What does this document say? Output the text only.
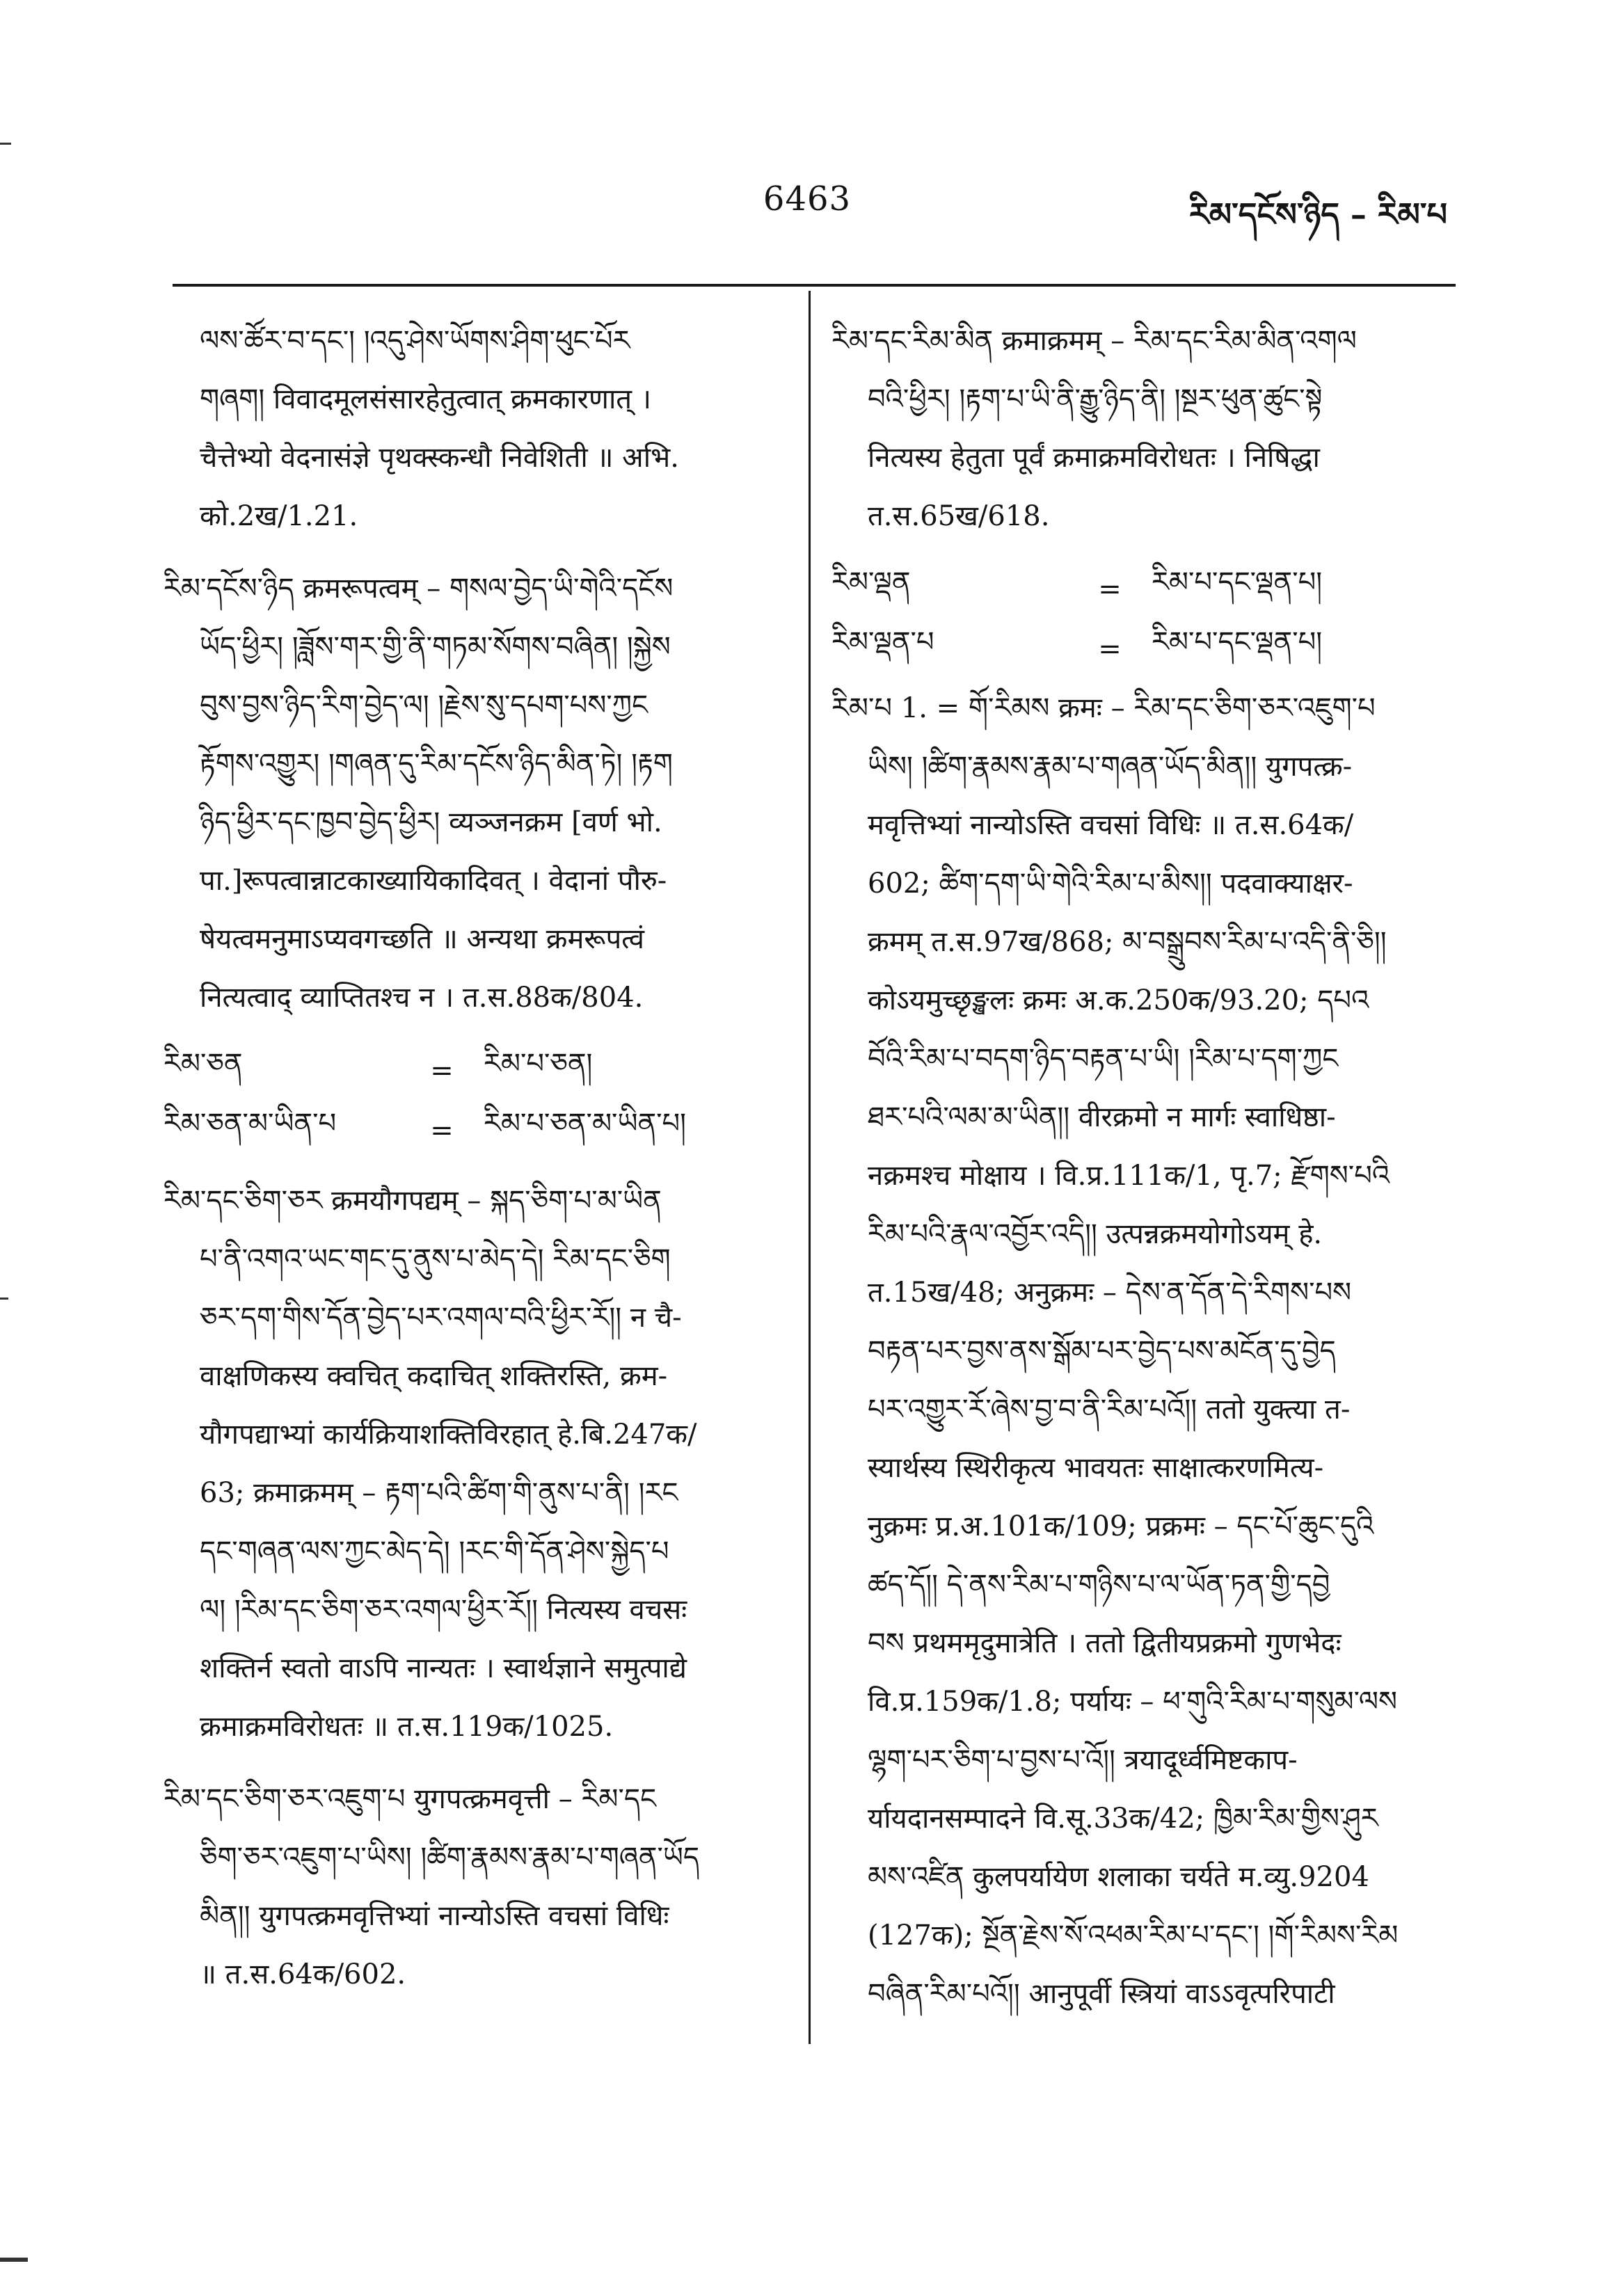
6463	རིམ་དངོས་ཉིད – རིམ་པ
ལས་ཚོར་བ་དང་། །འདུ་ཤེས་ཡོགས་ཤིག་ཕུང་པོར
གཞག། विवादमूलसंसारहेतुत्वात् क्रमकारणात् ।
चैत्तेभ्यो वेदनासंज्ञे पृथक्स्कन्धौ निवेशिती ॥ अभि.
को.2ख/1.21.
རིམ་དངོས་ཉིད क्रमरूपत्वम् – གསལ་བྱེད་ཡི་གེའི་དངོས
ཡོད་ཕྱིར། །ཟློས་གར་གྱི་ནི་གཏམ་སོགས་བཞིན། །སྐྱེས
བུས་བྱས་ཉིད་རིག་བྱེད་ལ། །རྗེས་སུ་དཔག་པས་ཀྱང
རྟོགས་འགྱུར། །གཞན་དུ་རིམ་དངོས་ཉིད་མིན་ཏེ། །རྟག
ཉིད་ཕྱིར་དང་ཁྱབ་བྱེད་ཕྱིར། व्यञ्जनक्रम [वर्ण भो.
पा.]रूपत्वान्नाटकाख्यायिकादिवत् । वेदानां पौरु-
षेयत्वमनुमाऽप्यवगच्छति ॥ अन्यथा क्रमरूपत्वं
नित्यत्वाद् व्याप्तितश्च न । त.स.88क/804.
རིམ་ཅན	=	རིམ་པ་ཅན།
རིམ་ཅན་མ་ཡིན་པ	=	རིམ་པ་ཅན་མ་ཡིན་པ།
རིམ་དང་ཅིག་ཅར क्रमयौगपद्यम् – སྐད་ཅིག་པ་མ་ཡིན
པ་ནི་འགའ་ཡང་གང་དུ་ནུས་པ་མེད་དེ། རིམ་དང་ཅིག
ཅར་དག་གིས་དོན་བྱེད་པར་འགལ་བའི་ཕྱིར་རོ།། न चै-
वाक्षणिकस्य क्वचित् कदाचित् शक्तिरस्ति, क्रम-
यौगपद्याभ्यां कार्यक्रियाशक्तिविरहात् हे.बि.247क/
63; क्रमाक्रमम् – རྟག་པའི་ཚིག་གི་ནུས་པ་ནི། །རང
དང་གཞན་ལས་ཀྱང་མེད་དེ། །རང་གི་དོན་ཤེས་སྐྱེད་པ
ལ། །རིམ་དང་ཅིག་ཅར་འགལ་ཕྱིར་རོ།། नित्यस्य वचसः
शक्तिर्न स्वतो वाऽपि नान्यतः । स्वार्थज्ञाने समुत्पाद्ये
क्रमाक्रमविरोधतः ॥ त.स.119क/1025.
རིམ་དང་ཅིག་ཅར་འཇུག་པ युगपत्क्रमवृत्ती – རིམ་དང
ཅིག་ཅར་འཇུག་པ་ཡིས། །ཚིག་རྣམས་རྣམ་པ་གཞན་ཡོད
མིན།། युगपत्क्रमवृत्तिभ्यां नान्योऽस्ति वचसां विधिः
॥ त.स.64क/602.
རིམ་དང་རིམ་མིན क्रमाक्रमम् – རིམ་དང་རིམ་མིན་འགལ
བའི་ཕྱིར། །རྟག་པ་ཡི་ནི་རྒྱུ་ཉིད་ནི། །སྔར་ཕུན་ཚུང་སྟེ
नित्यस्य हेतुता पूर्वं क्रमाक्रमविरोधतः । निषिद्धा
त.स.65ख/618.
རིམ་ལྡན	=	རིམ་པ་དང་ལྡན་པ།
རིམ་ལྡན་པ	=	རིམ་པ་དང་ལྡན་པ།
རིམ་པ 1. = གོ་རིམས क्रमः – རིམ་དང་ཅིག་ཅར་འཇུག་པ
ཡིས། །ཚིག་རྣམས་རྣམ་པ་གཞན་ཡོད་མིན།། युगपत्क्र-
मवृत्तिभ्यां नान्योऽस्ति वचसां विधिः ॥ त.स.64क/
602; ཚིག་དག་ཡི་གེའི་རིམ་པ་མིས།། पदवाक्याक्षर-
क्रमम् त.स.97ख/868; མ་བསྒྲུབས་རིམ་པ་འདི་ནི་ཅི།།
कोऽयमुच्छृङ्खलः क्रमः अ.क.250क/93.20; དཔའ
བོའི་རིམ་པ་བདག་ཉིད་བརྟན་པ་ཡི། །རིམ་པ་དག་ཀྱང
ཐར་པའི་ལམ་མ་ཡིན།། वीरक्रमो न मार्गः स्वाधिष्ठा-
नक्रमश्च मोक्षाय । वि.प्र.111क/1, पृ.7; རྫོགས་པའི
རིམ་པའི་རྣལ་འབྱོར་འདི།། उत्पन्नक्रमयोगोऽयम् हे.
त.15ख/48; अनुक्रमः – དེས་ན་དོན་དེ་རིགས་པས
བརྟན་པར་བྱས་ནས་སྒོམ་པར་བྱེད་པས་མངོན་དུ་བྱེད
པར་འགྱུར་རོ་ཞེས་བྱ་བ་ནི་རིམ་པའོ།། ततो युक्त्या त-
स्यार्थस्य स्थिरीकृत्य भावयतः साक्षात्करणमित्य-
नुक्रमः प्र.अ.101क/109; प्रक्रमः – དང་པོ་ཆུང་དུའི
ཚད་དོ།། དེ་ནས་རིམ་པ་གཉིས་པ་ལ་ཡོན་ཏན་གྱི་དབྱེ
བས प्रथममृदुमात्रेति । ततो द्वितीयप्रक्रमो गुणभेदः
वि.प्र.159क/1.8; पर्यायः – ཕ་གུའི་རིམ་པ་གསུམ་ལས
ལྷག་པར་ཅིག་པ་བྱས་པ་འོ།། त्रयादूर्ध्वमिष्टकाप-
र्यायदानसम्पादने वि.सू.33क/42; ཁྱིམ་རིམ་གྱིས་ཤུར
མས་འཛིན कुलपर्यायेण शलाका चर्यते म.व्यु.9204
(127क); སྔོན་རྗེས་སོ་འཕམ་རིམ་པ་དང་། །གོ་རིམས་རིམ
བཞིན་རིམ་པའོ།། आनुपूर्वी स्त्रियां वाऽऽवृत्परिपाटी
